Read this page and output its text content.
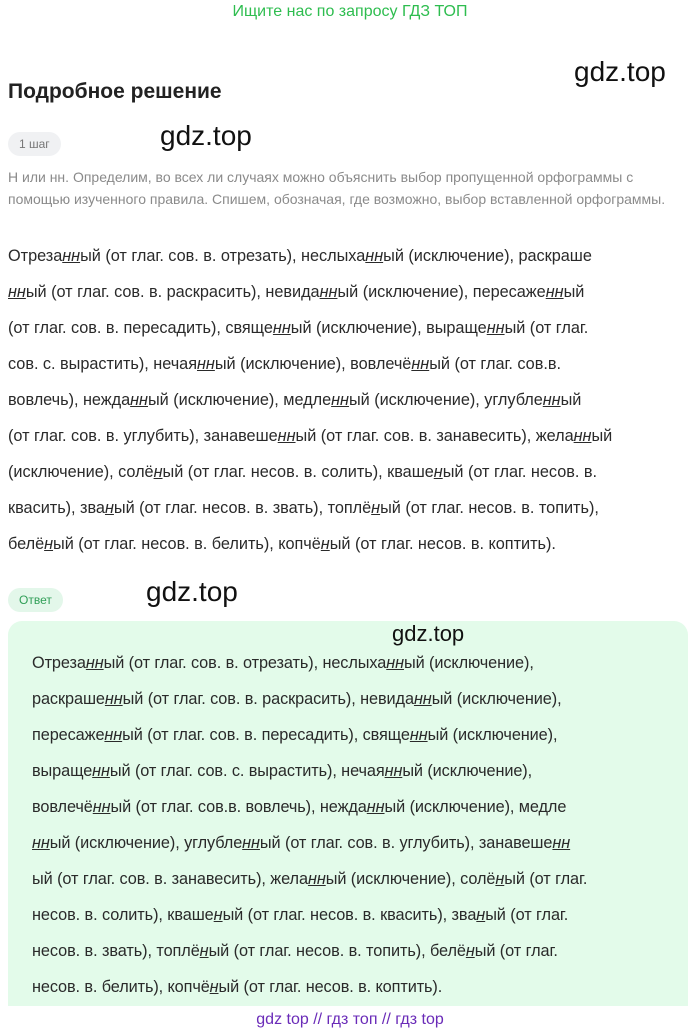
Ищите нас по запросу ГДЗ ТОП
gdz.top
Подробное решение
1 шаг	gdz.top
Н или нн. Определим, во всех ли случаях можно объяснить выбор пропущенной орфограммы с помощью изученного правила. Спишем, обозначая, где возможно, выбор вставленной орфограммы.
Отрезанный (от глаг. сов. в. отрезать), неслыханный (исключение), раскраше
нный (от глаг. сов. в. раскрасить), невиданный (исключение), пересаженный
(от глаг. сов. в. пересадить), священный (исключение), выращенный (от глаг.
сов. с. вырастить), нечаянный (исключение), вовлечённый (от глаг. сов.в.
вовлечь), нежданный (исключение), медленный (исключение), углубленный
(от глаг. сов. в. углубить), занавешенный (от глаг. сов. в. занавесить), желанный
(исключение), солёный (от глаг. несов. в. солить), квашеный (от глаг. несов. в.
квасить), званый (от глаг. несов. в. звать), топлёный (от глаг. несов. в. топить),
белёный (от глаг. несов. в. белить), копчёный (от глаг. несов. в. коптить).
Ответ	gdz.top
gdz.top
Отрезанный (от глаг. сов. в. отрезать), неслыханный (исключение),
раскрашенный (от глаг. сов. в. раскрасить), невиданный (исключение),
пересаженный (от глаг. сов. в. пересадить), священный (исключение),
выращенный (от глаг. сов. с. вырастить), нечаянный (исключение),
вовлечённый (от глаг. сов.в. вовлечь), нежданный (исключение), медле
нный (исключение), углубленный (от глаг. сов. в. углубить), занавешенн
ый (от глаг. сов. в. занавесить), желанный (исключение), солёный (от глаг.
несов. в. солить), квашеный (от глаг. несов. в. квасить), званый (от глаг.
несов. в. звать), топлёный (от глаг. несов. в. топить), белёный (от глаг.
несов. в. белить), копчёный (от глаг. несов. в. коптить).
gdz top // гдз топ // гдз top
